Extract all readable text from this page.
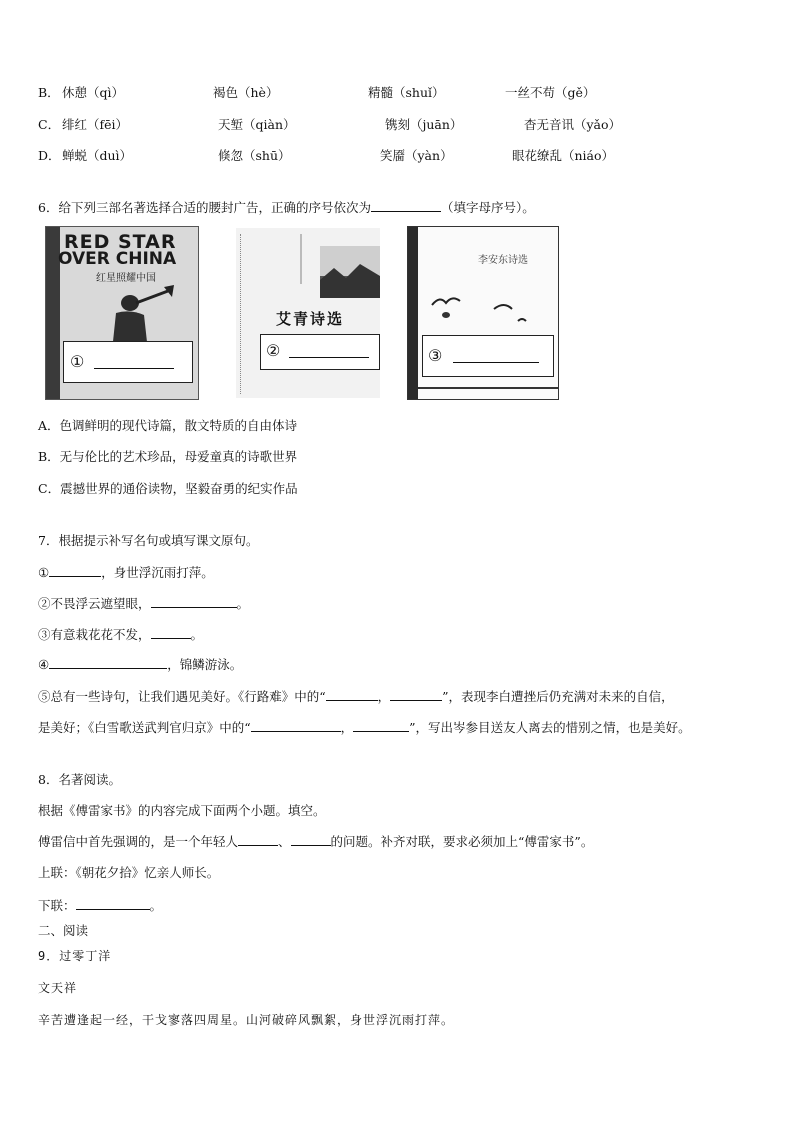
B． 休憩（qì）	褐色（hè）	精髓（shuǐ）	一丝不苟（gě）
C． 绯红（fēi）	天堑（qiàn）	镌刻（juān）	杳无音讯（yǎo）
D． 蝉蜕（duì）	倏忽（shū）	笑靥（yàn）	眼花缭乱（niáo）
6．给下列三部名著选择合适的腰封广告，正确的序号依次为	（填字母序号）。
RED STAR
OVER CHINA
红星照耀中国
①
艾青诗选
②
李安东诗选
③
A．色调鲜明的现代诗篇，散文特质的自由体诗
B．无与伦比的艺术珍品，母爱童真的诗歌世界
C．震撼世界的通俗读物，坚毅奋勇的纪实作品
7．根据提示补写名句或填写课文原句。
①	，身世浮沉雨打萍。
②不畏浮云遮望眼，	。
③有意栽花花不发，	。
④	，锦鳞游泳。
⑤总有一些诗句，让我们遇见美好。《行路难》中的“	，	”，表现李白遭挫后仍充满对未来的自信，
是美好；《白雪歌送武判官归京》中的“	，	”，写出岑参目送友人离去的惜别之情，也是美好。
8．名著阅读。
根据《傅雷家书》的内容完成下面两个小题。填空。
傅雷信中首先强调的，是一个年轻人	、	的问题。补齐对联，要求必须加上“傅雷家书”。
上联：《朝花夕拾》忆亲人师长。
下联：	。
二、阅读
9．过零丁洋
文天祥
辛苦遭逢起一经，干戈寥落四周星。山河破碎风飘絮，身世浮沉雨打萍。
